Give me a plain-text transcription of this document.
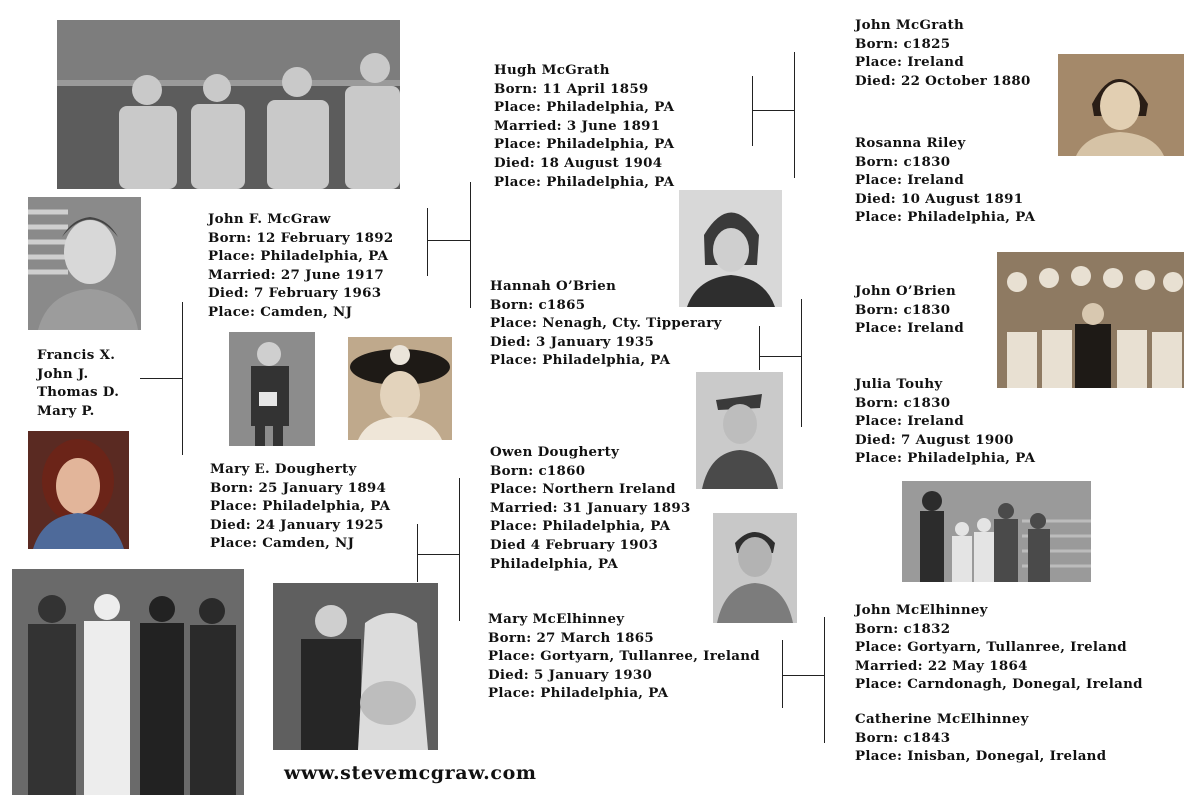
Francis X.
John J.
Thomas D.
Mary P.
John F. McGraw
Born: 12 February 1892
Place: Philadelphia, PA
Married: 27 June 1917
Died: 7 February 1963
Place: Camden, NJ
Mary E. Dougherty
Born: 25 January 1894
Place: Philadelphia, PA
Died: 24 January 1925
Place: Camden, NJ
Hugh McGrath
Born: 11 April 1859
Place: Philadelphia, PA
Married: 3 June 1891
Place: Philadelphia, PA
Died: 18 August 1904
Place: Philadelphia, PA
Hannah O’Brien
Born: c1865
Place: Nenagh, Cty. Tipperary
Died: 3 January 1935
Place: Philadelphia, PA
Owen Dougherty
Born: c1860
Place: Northern Ireland
Married: 31 January 1893
Place: Philadelphia, PA
Died 4 February 1903
Philadelphia, PA
Mary McElhinney
Born: 27 March 1865
Place: Gortyarn, Tullanree, Ireland
Died: 5 January 1930
Place: Philadelphia, PA
John McGrath
Born: c1825
Place: Ireland
Died: 22 October 1880
Rosanna Riley
Born: c1830
Place: Ireland
Died: 10 August 1891
Place: Philadelphia, PA
John O’Brien
Born: c1830
Place: Ireland
Julia Touhy
Born: c1830
Place: Ireland
Died: 7 August 1900
Place: Philadelphia, PA
John McElhinney
Born: c1832
Place: Gortyarn, Tullanree, Ireland
Married: 22 May 1864
Place: Carndonagh, Donegal, Ireland
Catherine McElhinney
Born: c1843
Place: Inisban, Donegal, Ireland
www.stevemcgraw.com
